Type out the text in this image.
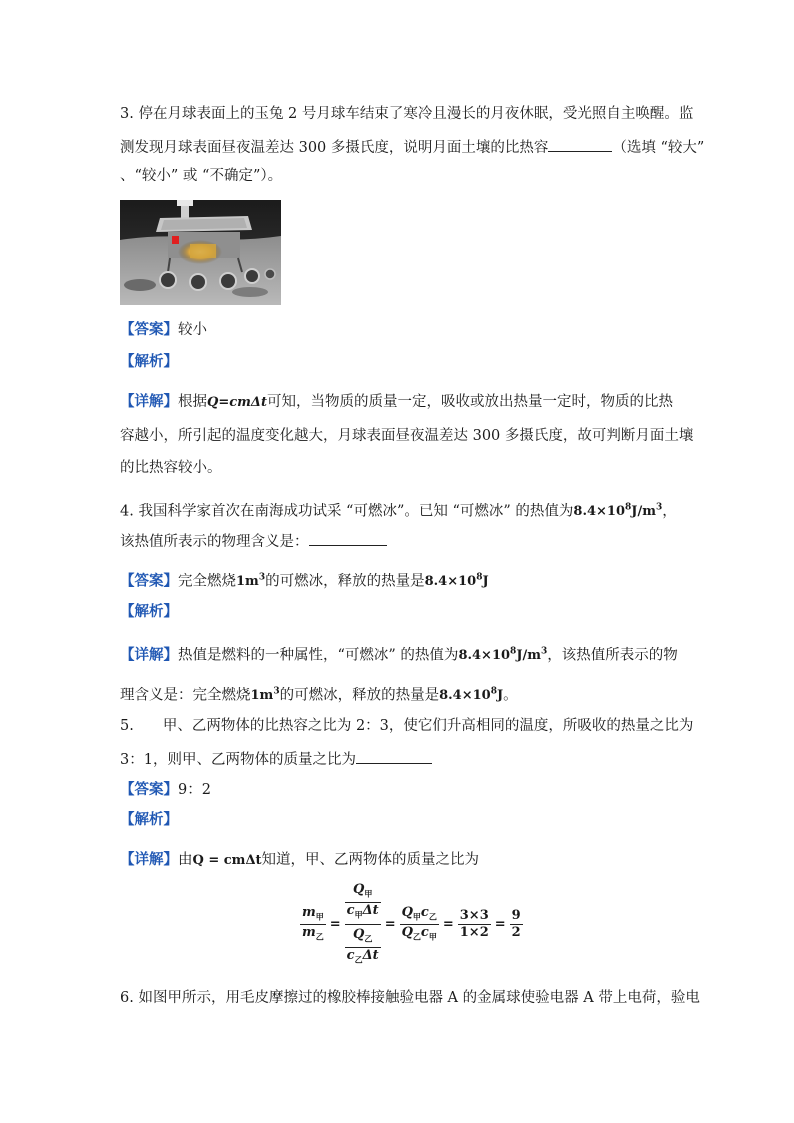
3. 停在月球表面上的玉兔 2 号月球车结束了寒冷且漫长的月夜休眠，受光照自主唤醒。监
测发现月球表面昼夜温差达 300 多摄氏度，说明月面土壤的比热容	（选填 “较大”
、“较小” 或 “不确定”）。
【答案】较小
【解析】
【详解】根据Q=cmΔt可知，当物质的质量一定，吸收或放出热量一定时，物质的比热
容越小，所引起的温度变化越大，月球表面昼夜温差达 300 多摄氏度，故可判断月面土壤
的比热容较小。
4. 我国科学家首次在南海成功试采 “可燃冰”。已知 “可燃冰” 的热值为$8.4\times 10^8J/m^3$，
该热值所表示的物理含义是：
【答案】完全燃烧$1m^3$的可燃冰，释放的热量是$8.4\times 10^8J$
【解析】
【详解】热值是燃料的一种属性，“可燃冰” 的热值为$8.4\times 10^8J/m^3$，该热值所表示的物
理含义是：完全燃烧$1m^3$的可燃冰，释放的热量是$8.4\times 10^8J$。
5.　　甲、乙两物体的比热容之比为 2：3，使它们升高相同的温度，所吸收的热量之比为
3：1，则甲、乙两物体的质量之比为
【答案】9：2
【解析】
【详解】由Q = cmΔt知道，甲、乙两物体的质量之比为
$\frac{m_甲}{m_乙} = \frac{\frac{Q_甲}{c_甲\Delta t}}{\frac{Q_乙}{c_乙\Delta t}} = \frac{Q_甲c_乙}{Q_乙c_甲} = \frac{3\times 3}{1\times 2} = \frac{9}{2}$
6. 如图甲所示，用毛皮摩擦过的橡胶棒接触验电器 A 的金属球使验电器 A 带上电荷，验电
